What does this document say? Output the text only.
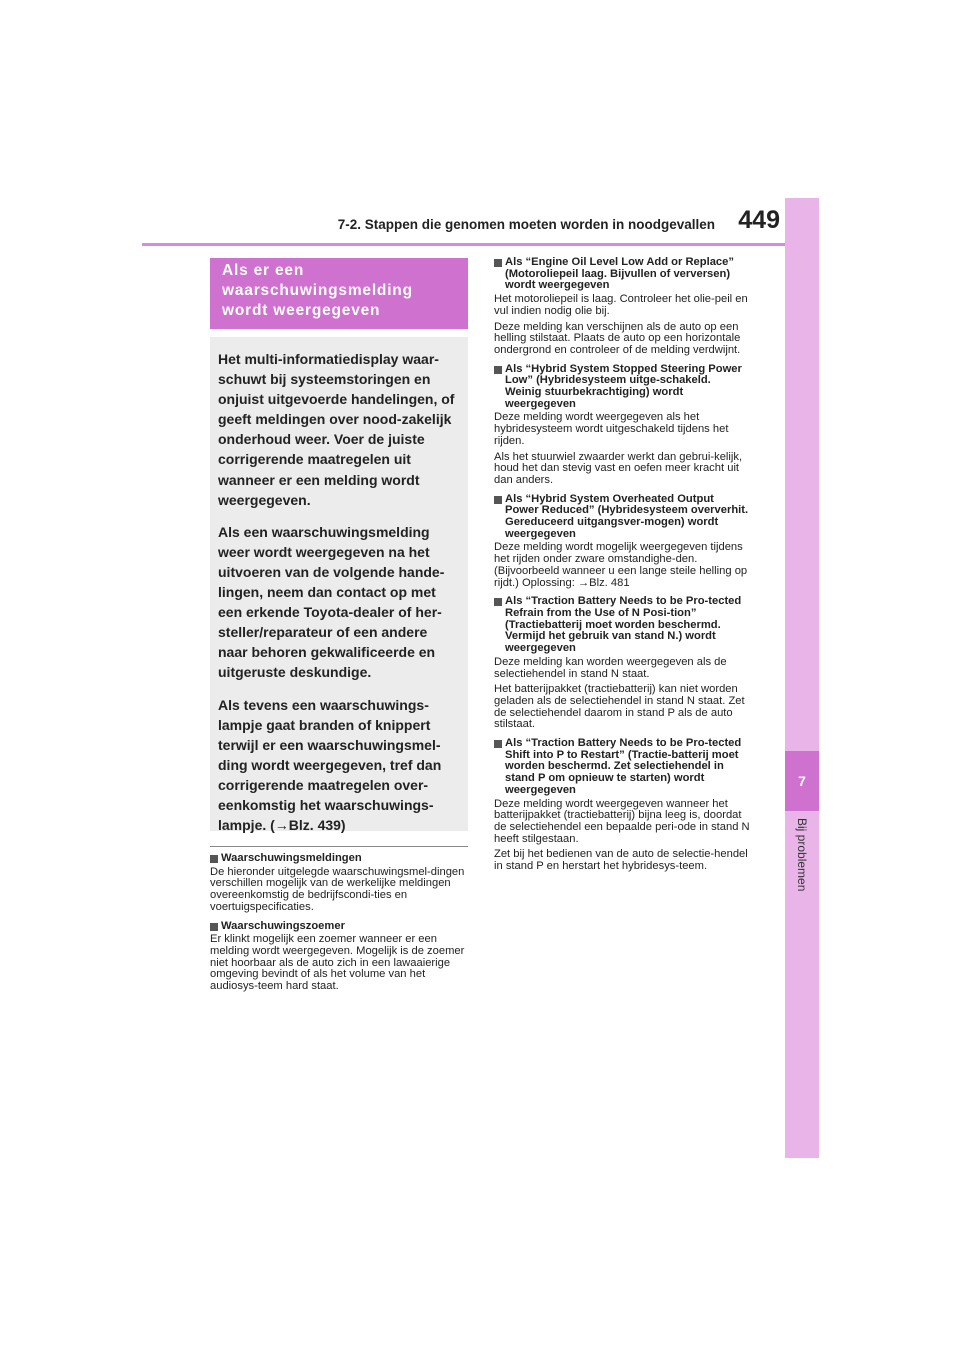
7-2. Stappen die genomen moeten worden in noodgevallen 449
7
Bij problemen
Als er een waarschuwingsmelding wordt weergegeven

Het multi-informatiedisplay waar-schuwt bij systeemstoringen en onjuist uitgevoerde handelingen, of geeft meldingen over nood-zakelijk onderhoud weer. Voer de juiste corrigerende maatregelen uit wanneer er een melding wordt weergegeven.

Als een waarschuwingsmelding weer wordt weergegeven na het uitvoeren van de volgende hande-lingen, neem dan contact op met een erkende Toyota-dealer of her-steller/reparateur of een andere naar behoren gekwalificeerde en uitgeruste deskundige.

Als tevens een waarschuwings-lampje gaat branden of knippert terwijl er een waarschuwingsmel-ding wordt weergegeven, tref dan corrigerende maatregelen over-eenkomstig het waarschuwings-lampje. (→Blz. 439)

Waarschuwingsmeldingen
De hieronder uitgelegde waarschuwingsmel-dingen verschillen mogelijk van de werkelijke meldingen overeenkomstig de bedrijfscondi-ties en voertuigspecificaties.
Waarschuwingszoemer
Er klinkt mogelijk een zoemer wanneer er een melding wordt weergegeven. Mogelijk is de zoemer niet hoorbaar als de auto zich in een lawaaierige omgeving bevindt of als het volume van het audiosys-teem hard staat.
Als “Engine Oil Level Low Add or Replace” (Motoroliepeil laag. Bijvullen of verversen) wordt weergegeven
Het motoroliepeil is laag. Controleer het olie-peil en vul indien nodig olie bij.
Deze melding kan verschijnen als de auto op een helling stilstaat. Plaats de auto op een horizontale ondergrond en controleer of de melding verdwijnt.
Als “Hybrid System Stopped Steering Power Low” (Hybridesysteem uitge-schakeld. Weinig stuurbekrachtiging) wordt weergegeven
Deze melding wordt weergegeven als het hybridesysteem wordt uitgeschakeld tijdens het rijden.
Als het stuurwiel zwaarder werkt dan gebrui-kelijk, houd het dan stevig vast en oefen meer kracht uit dan anders.
Als “Hybrid System Overheated Output Power Reduced” (Hybridesysteem oververhit. Gereduceerd uitgangsver-mogen) wordt weergegeven
Deze melding wordt mogelijk weergegeven tijdens het rijden onder zware omstandighe-den. (Bijvoorbeeld wanneer u een lange steile helling op rijdt.) Oplossing: →Blz. 481
Als “Traction Battery Needs to be Pro-tected Refrain from the Use of N Posi-tion” (Tractiebatterij moet worden beschermd. Vermijd het gebruik van stand N.) wordt weergegeven
Deze melding kan worden weergegeven als de selectiehendel in stand N staat.
Het batterijpakket (tractiebatterij) kan niet worden geladen als de selectiehendel in stand N staat. Zet de selectiehendel daarom in stand P als de auto stilstaat.
Als “Traction Battery Needs to be Pro-tected Shift into P to Restart” (Tractie-batterij moet worden beschermd. Zet selectiehendel in stand P om opnieuw te starten) wordt weergegeven
Deze melding wordt weergegeven wanneer het batterijpakket (tractiebatterij) bijna leeg is, doordat de selectiehendel een bepaalde peri-ode in stand N heeft stilgestaan.
Zet bij het bedienen van de auto de selectie-hendel in stand P en herstart het hybridesys-teem.
